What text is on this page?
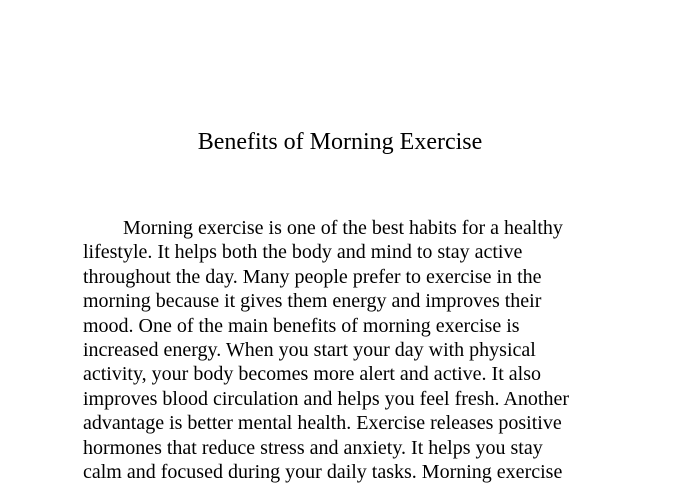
Benefits of Morning Exercise

Morning exercise is one of the best habits for a healthy
lifestyle. It helps both the body and mind to stay active
throughout the day. Many people prefer to exercise in the
morning because it gives them energy and improves their
mood. One of the main benefits of morning exercise is
increased energy. When you start your day with physical
activity, your body becomes more alert and active. It also
improves blood circulation and helps you feel fresh. Another
advantage is better mental health. Exercise releases positive
hormones that reduce stress and anxiety. It helps you stay
calm and focused during your daily tasks. Morning exercise
